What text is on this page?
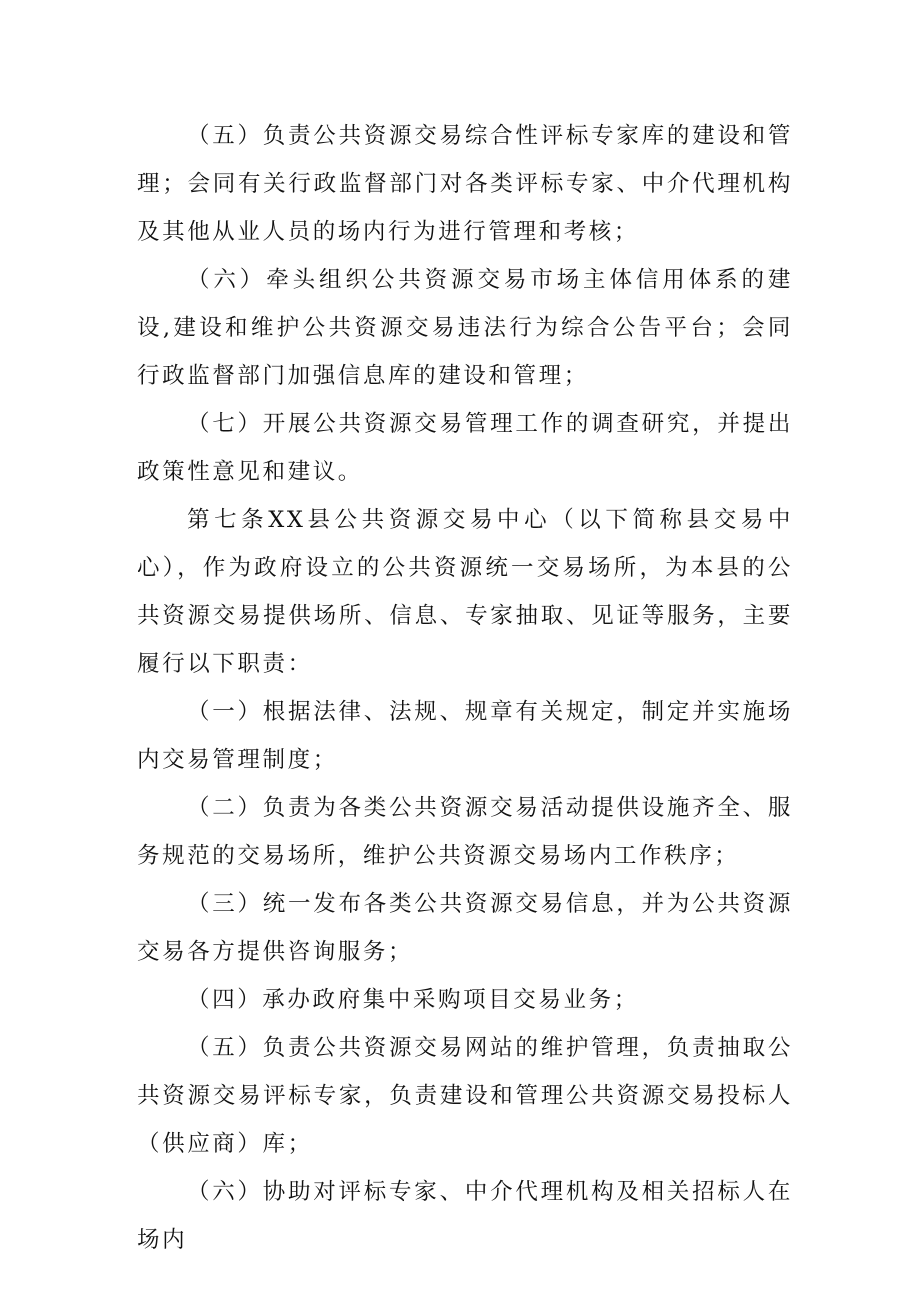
（五）负责公共资源交易综合性评标专家库的建设和管理；会同有关行政监督部门对各类评标专家、中介代理机构及其他从业人员的场内行为进行管理和考核；

（六）牵头组织公共资源交易市场主体信用体系的建设,建设和维护公共资源交易违法行为综合公告平台；会同行政监督部门加强信息库的建设和管理；

（七）开展公共资源交易管理工作的调查研究，并提出政策性意见和建议。

第七条XX县公共资源交易中心（以下简称县交易中心），作为政府设立的公共资源统一交易场所，为本县的公共资源交易提供场所、信息、专家抽取、见证等服务，主要履行以下职责：

（一）根据法律、法规、规章有关规定，制定并实施场内交易管理制度；

（二）负责为各类公共资源交易活动提供设施齐全、服务规范的交易场所，维护公共资源交易场内工作秩序；

（三）统一发布各类公共资源交易信息，并为公共资源交易各方提供咨询服务；

（四）承办政府集中采购项目交易业务；

（五）负责公共资源交易网站的维护管理，负责抽取公共资源交易评标专家，负责建设和管理公共资源交易投标人（供应商）库；

（六）协助对评标专家、中介代理机构及相关招标人在场内
